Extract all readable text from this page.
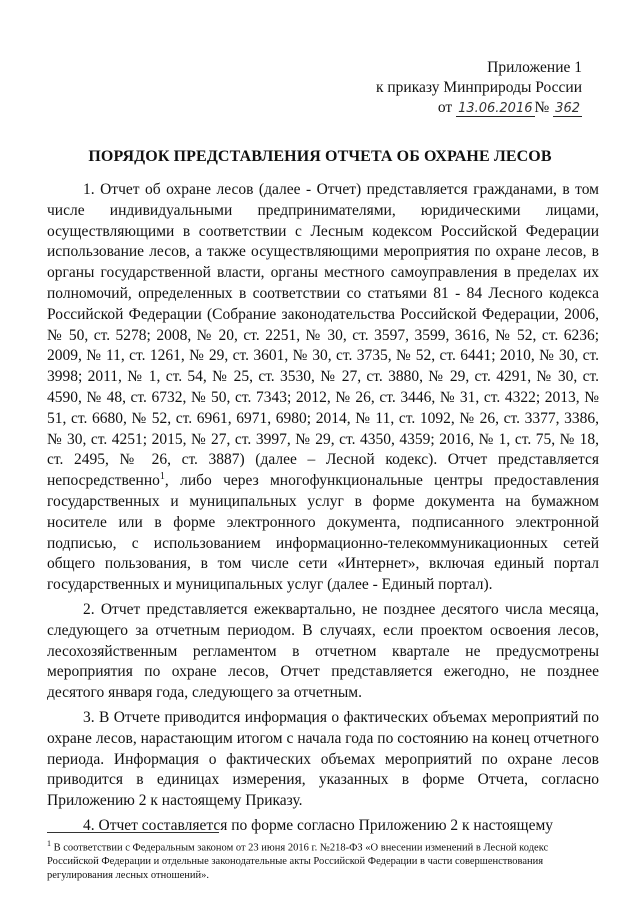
Приложение 1
к приказу Минприроды России
от 13.06.2016 № 362
ПОРЯДОК ПРЕДСТАВЛЕНИЯ ОТЧЕТА ОБ ОХРАНЕ ЛЕСОВ

1. Отчет об охране лесов (далее - Отчет) представляется гражданами, в том числе индивидуальными предпринимателями, юридическими лицами, осуществляющими в соответствии с Лесным кодексом Российской Федерации использование лесов, а также осуществляющими мероприятия по охране лесов, в органы государственной власти, органы местного самоуправления в пределах их полномочий, определенных в соответствии со статьями 81 - 84 Лесного кодекса Российской Федерации (Собрание законодательства Российской Федерации, 2006, № 50, ст. 5278; 2008, № 20, ст. 2251, № 30, ст. 3597, 3599, 3616, № 52, ст. 6236; 2009, № 11, ст. 1261, № 29, ст. 3601, № 30, ст. 3735, № 52, ст. 6441; 2010, № 30, ст. 3998; 2011, № 1, ст. 54, № 25, ст. 3530, № 27, ст. 3880, № 29, ст. 4291, № 30, ст. 4590, № 48, ст. 6732, № 50, ст. 7343; 2012, № 26, ст. 3446, № 31, ст. 4322; 2013, № 51, ст. 6680, № 52, ст. 6961, 6971, 6980; 2014, № 11, ст. 1092, № 26, ст. 3377, 3386, № 30, ст. 4251; 2015, № 27, ст. 3997, № 29, ст. 4350, 4359; 2016, № 1, ст. 75, № 18, ст. 2495, № 26, ст. 3887) (далее – Лесной кодекс). Отчет представляется непосредственно$^1$, либо через многофункциональные центры предоставления государственных и муниципальных услуг в форме документа на бумажном носителе или в форме электронного документа, подписанного электронной подписью, с использованием информационно-телекоммуникационных сетей общего пользования, в том числе сети «Интернет», включая единый портал государственных и муниципальных услуг (далее - Единый портал).

2. Отчет представляется ежеквартально, не позднее десятого числа месяца, следующего за отчетным периодом. В случаях, если проектом освоения лесов, лесохозяйственным регламентом в отчетном квартале не предусмотрены мероприятия по охране лесов, Отчет представляется ежегодно, не позднее десятого января года, следующего за отчетным.

3. В Отчете приводится информация о фактических объемах мероприятий по охране лесов, нарастающим итогом с начала года по состоянию на конец отчетного периода. Информация о фактических объемах мероприятий по охране лесов приводится в единицах измерения, указанных в форме Отчета, согласно Приложению 2 к настоящему Приказу.

4. Отчет составляется по форме согласно Приложению 2 к настоящему

$^1$ В соответствии с Федеральным законом от 23 июня 2016 г. №218-ФЗ «О внесении изменений в Лесной кодекс Российской Федерации и отдельные законодательные акты Российской Федерации в части совершенствования регулирования лесных отношений».
